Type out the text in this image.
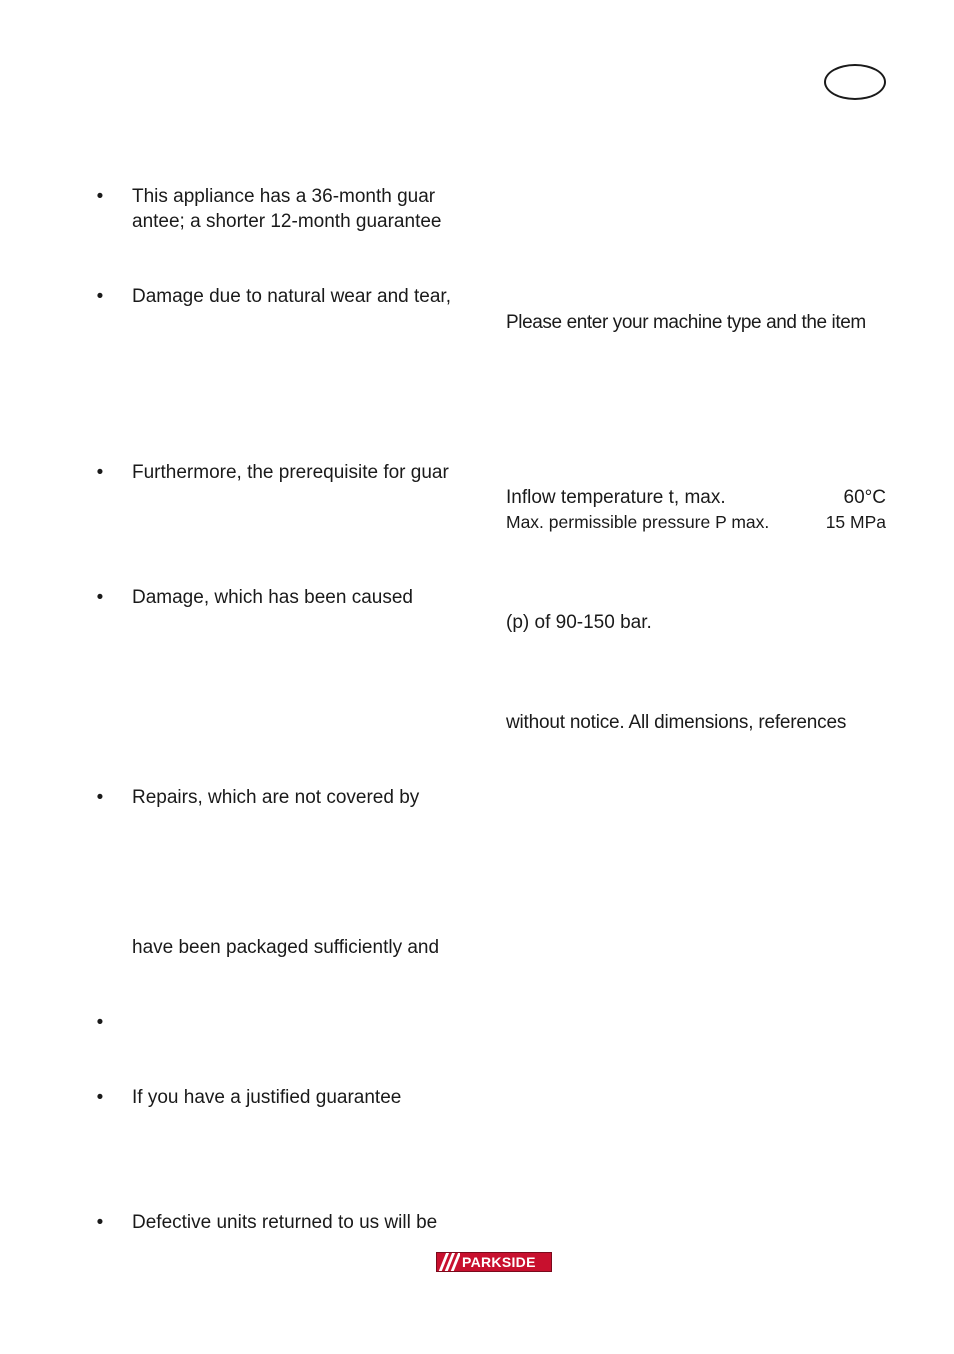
• This appliance has a 36-month guar
antee; a shorter 12-month guarantee
• Damage due to natural wear and tear,
• Furthermore, the prerequisite for guar
• Damage, which has been caused
• Repairs, which are not covered by
have been packaged sufficiently and
•
• If you have a justified guarantee
• Defective units returned to us will be
Please enter your machine type and the item
Inflow temperature t, max.	60°C
Max. permissible pressure P max.	15 MPa
(p) of 90-150 bar.
without notice. All dimensions, references
PARKSIDE
